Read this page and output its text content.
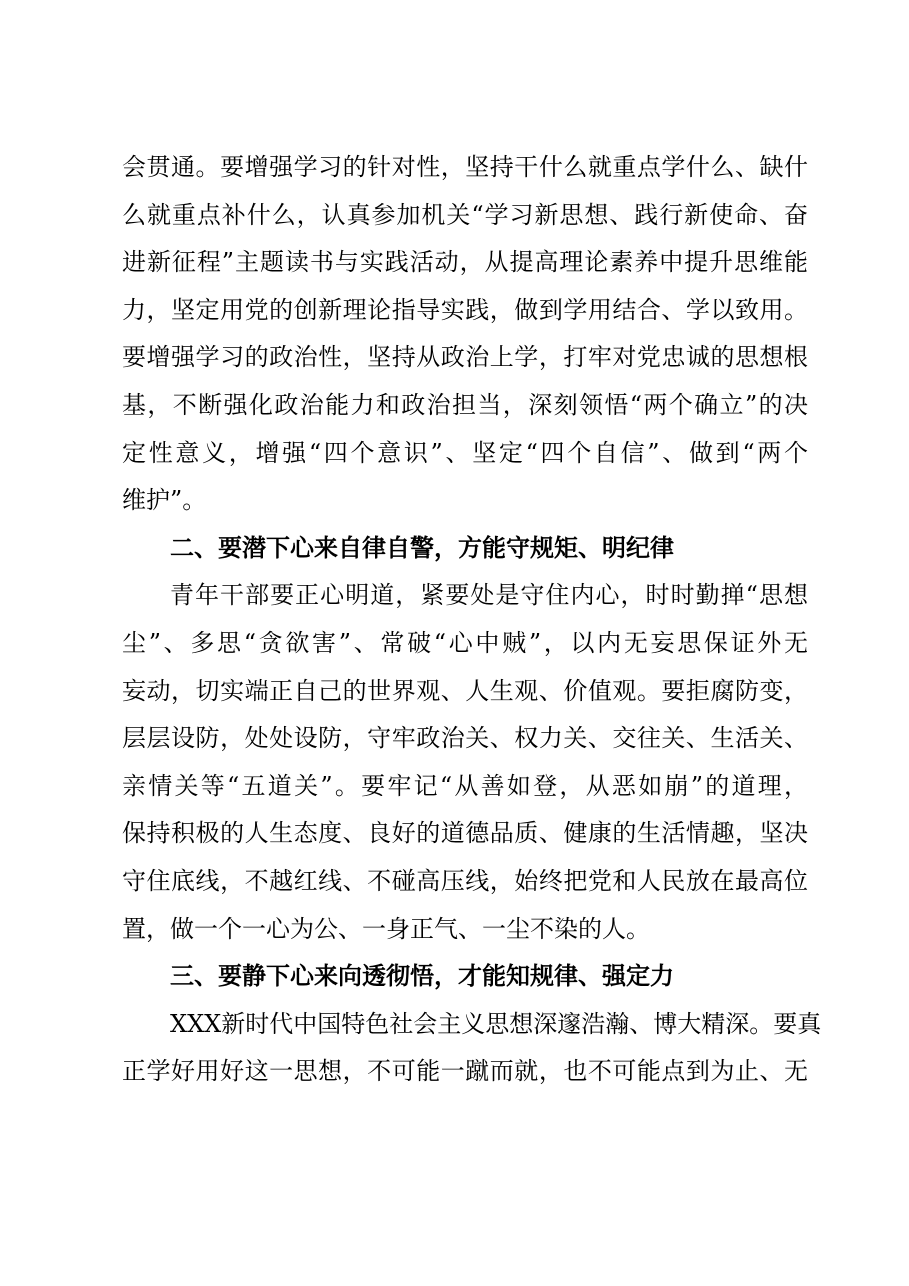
会贯通。要增强学习的针对性，坚持干什么就重点学什么、缺什
么就重点补什么，认真参加机关“学习新思想、践行新使命、奋
进新征程”主题读书与实践活动，从提高理论素养中提升思维能
力，坚定用党的创新理论指导实践，做到学用结合、学以致用。
要增强学习的政治性，坚持从政治上学，打牢对党忠诚的思想根
基，不断强化政治能力和政治担当，深刻领悟“两个确立”的决
定性意义，增强“四个意识”、坚定“四个自信”、做到“两个
维护”。
二、要潜下心来自律自警，方能守规矩、明纪律
青年干部要正心明道，紧要处是守住内心，时时勤掸“思想
尘”、多思“贪欲害”、常破“心中贼”，以内无妄思保证外无
妄动，切实端正自己的世界观、人生观、价值观。要拒腐防变，
层层设防，处处设防，守牢政治关、权力关、交往关、生活关、
亲情关等“五道关”。要牢记“从善如登，从恶如崩”的道理，
保持积极的人生态度、良好的道德品质、健康的生活情趣，坚决
守住底线，不越红线、不碰高压线，始终把党和人民放在最高位
置，做一个一心为公、一身正气、一尘不染的人。
三、要静下心来向透彻悟，才能知规律、强定力
XXX新时代中国特色社会主义思想深邃浩瀚、博大精深。要真
正学好用好这一思想，不可能一蹴而就，也不可能点到为止、无
